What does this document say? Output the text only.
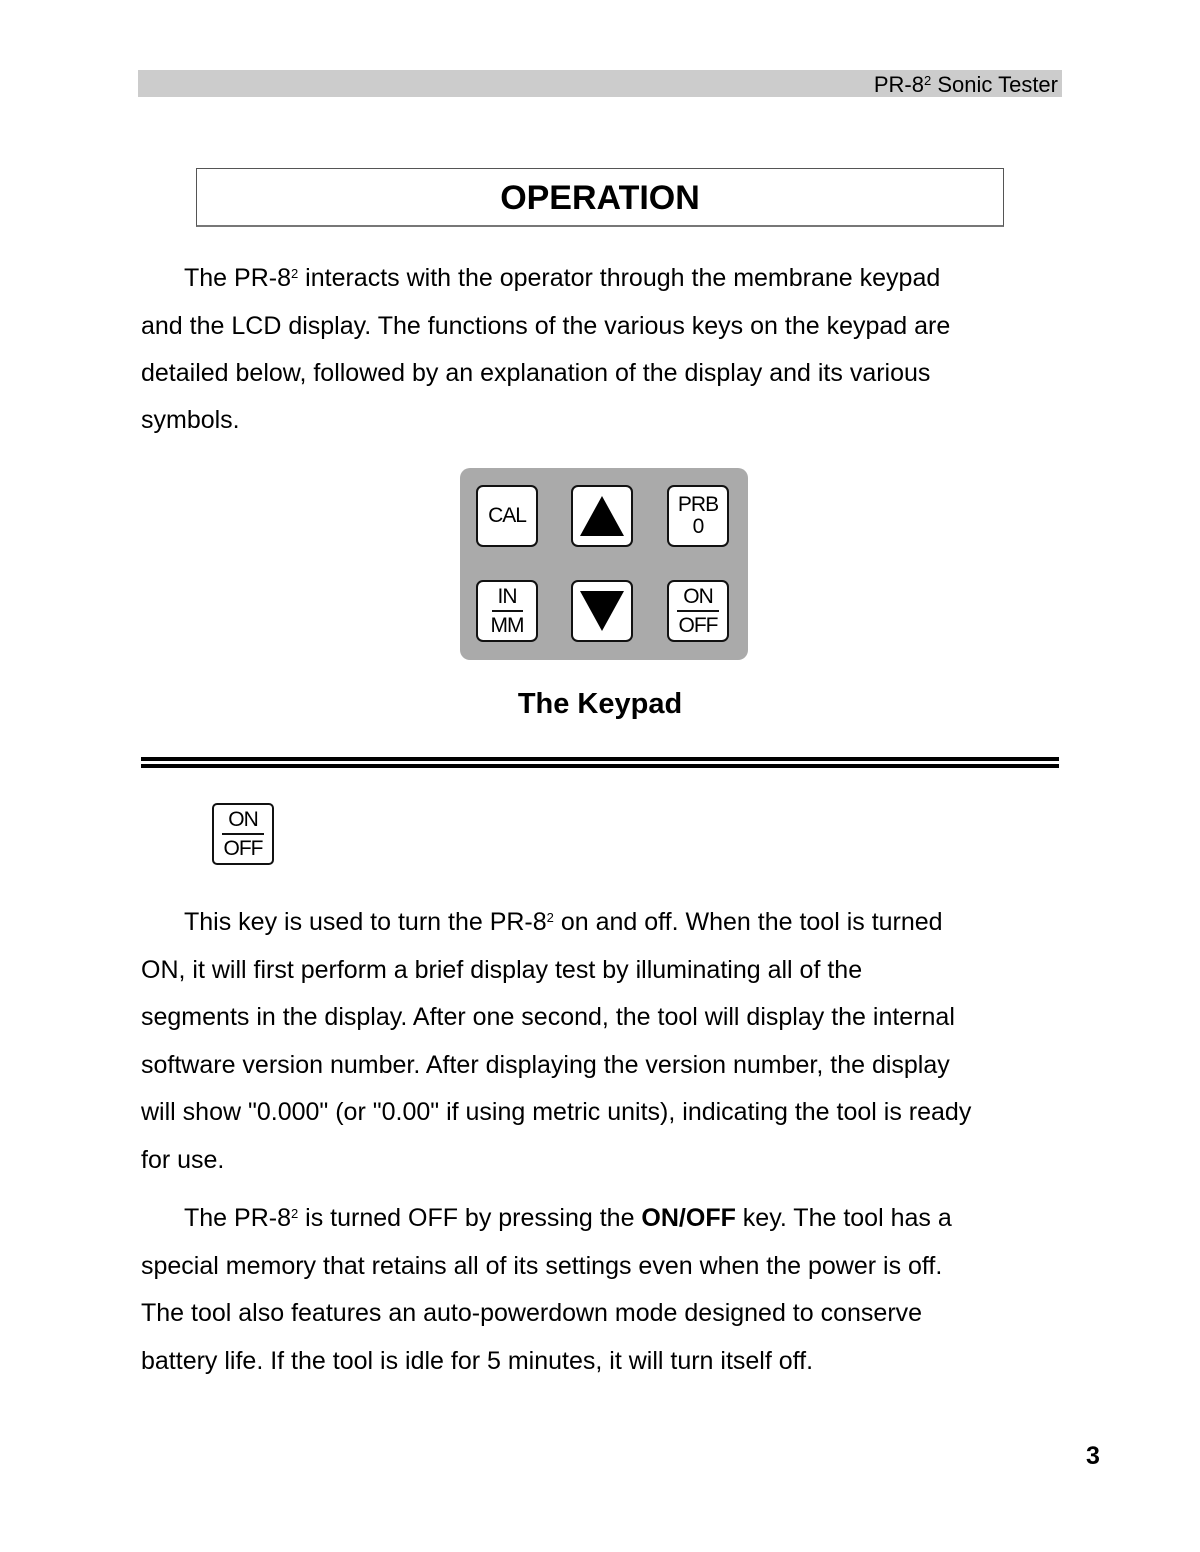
$PR-8^2$ Sonic Tester
OPERATION
The $PR-8^2$ interacts with the operator through the membrane keypad
and the LCD display. The functions of the various keys on the keypad are
detailed below, followed by an explanation of the display and its various
symbols.
CAL	PRB
0
$\frac{IN}{MM}$	$\frac{ON}{\text{OFF}}$
The Keypad
$\frac{ON}{\text{OFF}}$
This key is used to turn the $PR-8^2$ on and off. When the tool is turned
ON, it will first perform a brief display test by illuminating all of the
segments in the display. After one second, the tool will display the internal
software version number. After displaying the version number, the display
will show "0.000" (or "0.00" if using metric units), indicating the tool is ready
for use.
The $PR-8^2$ is turned OFF by pressing the ON/OFF key. The tool has a
special memory that retains all of its settings even when the power is off.
The tool also features an auto-powerdown mode designed to conserve
battery life. If the tool is idle for 5 minutes, it will turn itself off.
3
